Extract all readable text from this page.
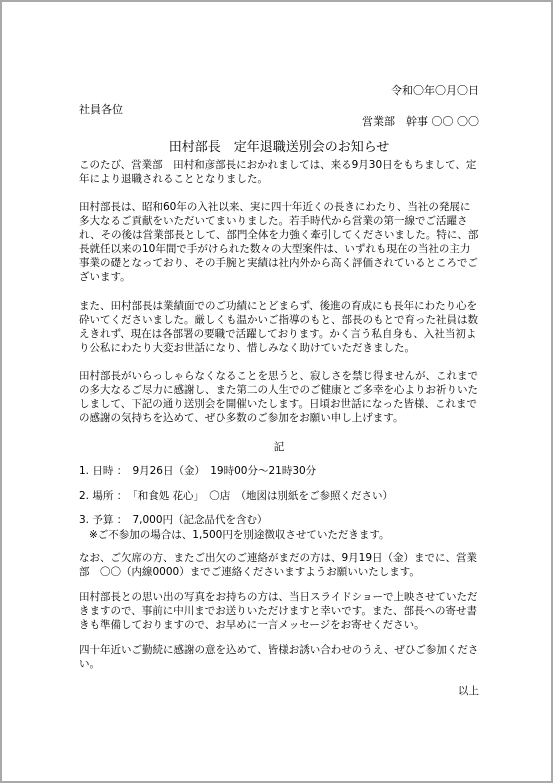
令和〇年〇月〇日
社員各位
営業部　幹事 〇〇 〇〇
田村部長　定年退職送別会のお知らせ

このたび、営業部　田村和彦部長におかれましては、来る9月30日をもちまして、定年により退職されることとなりました。

田村部長は、昭和60年の入社以来、実に四十年近くの長きにわたり、当社の発展に多大なるご貢献をいただいてまいりました。若手時代から営業の第一線でご活躍され、その後は営業部長として、部門全体を力強く牽引してくださいました。特に、部長就任以来の10年間で手がけられた数々の大型案件は、いずれも現在の当社の主力事業の礎となっており、その手腕と実績は社内外から高く評価されているところでございます。

また、田村部長は業績面でのご功績にとどまらず、後進の育成にも長年にわたり心を砕いてくださいました。厳しくも温かいご指導のもと、部長のもとで育った社員は数えきれず、現在は各部署の要職で活躍しております。かく言う私自身も、入社当初より公私にわたり大変お世話になり、惜しみなく助けていただきました。

田村部長がいらっしゃらなくなることを思うと、寂しさを禁じ得ませんが、これまでの多大なるご尽力に感謝し、また第二の人生でのご健康とご多幸を心よりお祈りいたしまして、下記の通り送別会を開催いたします。日頃お世話になった皆様、これまでの感謝の気持ちを込めて、ぜひ多数のご参加をお願い申し上げます。

記
1. 日時 ：　9月26日（金）　19時00分～21時30分
2. 場所 ：　「和食処 花心」　〇店　（地図は別紙をご参照ください）
3. 予算 ：　7,000円（記念品代を含む）
※ご不参加の場合は、1,500円を別途徴収させていただきます。

なお、ご欠席の方、またご出欠のご連絡がまだの方は、9月19日（金）までに、営業部　〇〇（内線0000）までご連絡くださいますようお願いいたします。

田村部長との思い出の写真をお持ちの方は、当日スライドショーで上映させていただきますので、事前に中川までお送りいただけますと幸いです。また、部長への寄せ書きも準備しておりますので、お早めに一言メッセージをお寄せください。

四十年近いご勤続に感謝の意を込めて、皆様お誘い合わせのうえ、ぜひご参加ください。

以上
